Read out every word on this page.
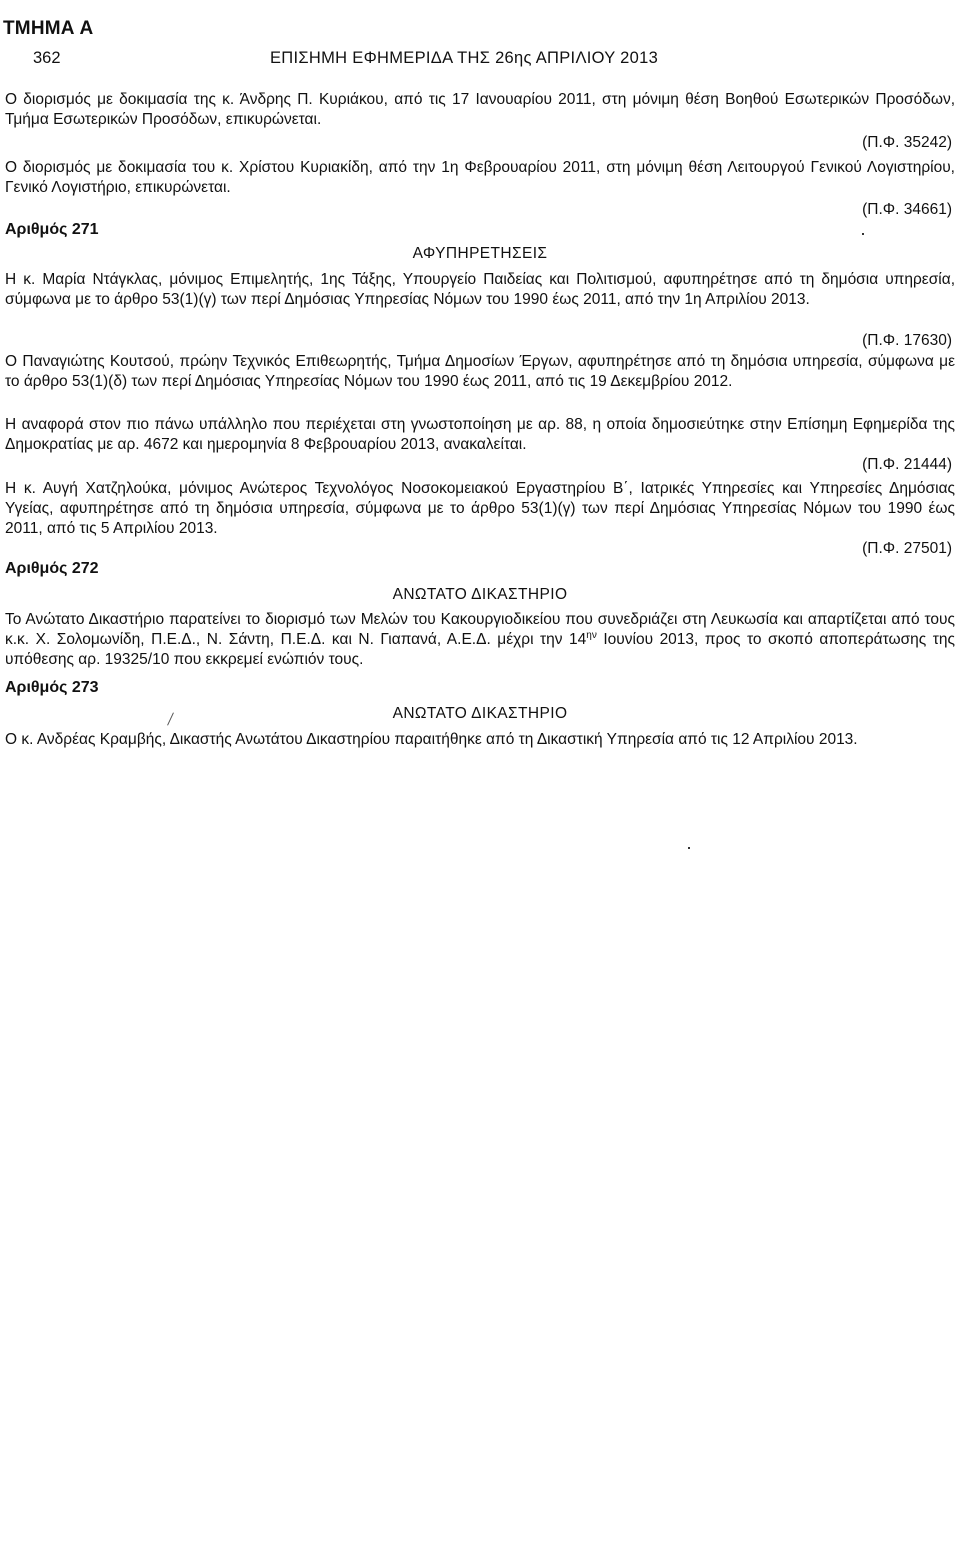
ΤΜΗΜΑ Α
362	ΕΠΙΣΗΜΗ ΕΦΗΜΕΡΙΔΑ ΤΗΣ 26ης ΑΠΡΙΛΙΟΥ 2013
Ο διορισμός με δοκιμασία της κ. Άνδρης Π. Κυριάκου, από τις 17 Ιανουαρίου 2011, στη μόνιμη θέση Βοηθού Εσωτερικών Προσόδων, Τμήμα Εσωτερικών Προσόδων, επικυρώνεται.
(Π.Φ. 35242)
Ο διορισμός με δοκιμασία του κ. Χρίστου Κυριακίδη, από την 1η Φεβρουαρίου 2011, στη μόνιμη θέση Λειτουργού Γενικού Λογιστηρίου, Γενικό Λογιστήριο, επικυρώνεται.
(Π.Φ. 34661)
Αριθμός 271
ΑΦΥΠΗΡΕΤΗΣΕΙΣ
Η κ. Μαρία Ντάγκλας, μόνιμος Επιμελητής, 1ης Τάξης, Υπουργείο Παιδείας και Πολιτισμού, αφυπηρέτησε από τη δημόσια υπηρεσία, σύμφωνα με το άρθρο 53(1)(γ) των περί Δημόσιας Υπηρεσίας Νόμων του 1990 έως 2011, από την 1η Απριλίου 2013.
(Π.Φ. 17630)
Ο Παναγιώτης Κουτσού, πρώην Τεχνικός Επιθεωρητής, Τμήμα Δημοσίων Έργων, αφυπηρέτησε από τη δημόσια υπηρεσία, σύμφωνα με το άρθρο 53(1)(δ) των περί Δημόσιας Υπηρεσίας Νόμων του 1990 έως 2011, από τις 19 Δεκεμβρίου 2012.
Η αναφορά στον πιο πάνω υπάλληλο που περιέχεται στη γνωστοποίηση με αρ. 88, η οποία δημοσιεύτηκε στην Επίσημη Εφημερίδα της Δημοκρατίας με αρ. 4672 και ημερομηνία 8 Φεβρουαρίου 2013, ανακαλείται.
(Π.Φ. 21444)
Η κ. Αυγή Χατζηλούκα, μόνιμος Ανώτερος Τεχνολόγος Νοσοκομειακού Εργαστηρίου Β΄, Ιατρικές Υπηρεσίες και Υπηρεσίες Δημόσιας Υγείας, αφυπηρέτησε από τη δημόσια υπηρεσία, σύμφωνα με το άρθρο 53(1)(γ) των περί Δημόσιας Υπηρεσίας Νόμων του 1990 έως 2011, από τις 5 Απριλίου 2013.
(Π.Φ. 27501)
Αριθμός 272
ΑΝΩΤΑΤΟ ΔΙΚΑΣΤΗΡΙΟ
Το Ανώτατο Δικαστήριο παρατείνει το διορισμό των Μελών του Κακουργιοδικείου που συνεδριάζει στη Λευκωσία και απαρτίζεται από τους κ.κ. Χ. Σολομωνίδη, Π.Ε.Δ., Ν. Σάντη, Π.Ε.Δ. και Ν. Γιαπανά, Α.Ε.Δ. μέχρι την $14^{\eta\nu}$ Ιουνίου 2013, προς το σκοπό αποπεράτωσης της υπόθεσης αρ. 19325/10 που εκκρεμεί ενώπιόν τους.
Αριθμός 273
ΑΝΩΤΑΤΟ ΔΙΚΑΣΤΗΡΙΟ
Ο κ. Ανδρέας Κραμβής, Δικαστής Ανωτάτου Δικαστηρίου παραιτήθηκε από τη Δικαστική Υπηρεσία από τις 12 Απριλίου 2013.
